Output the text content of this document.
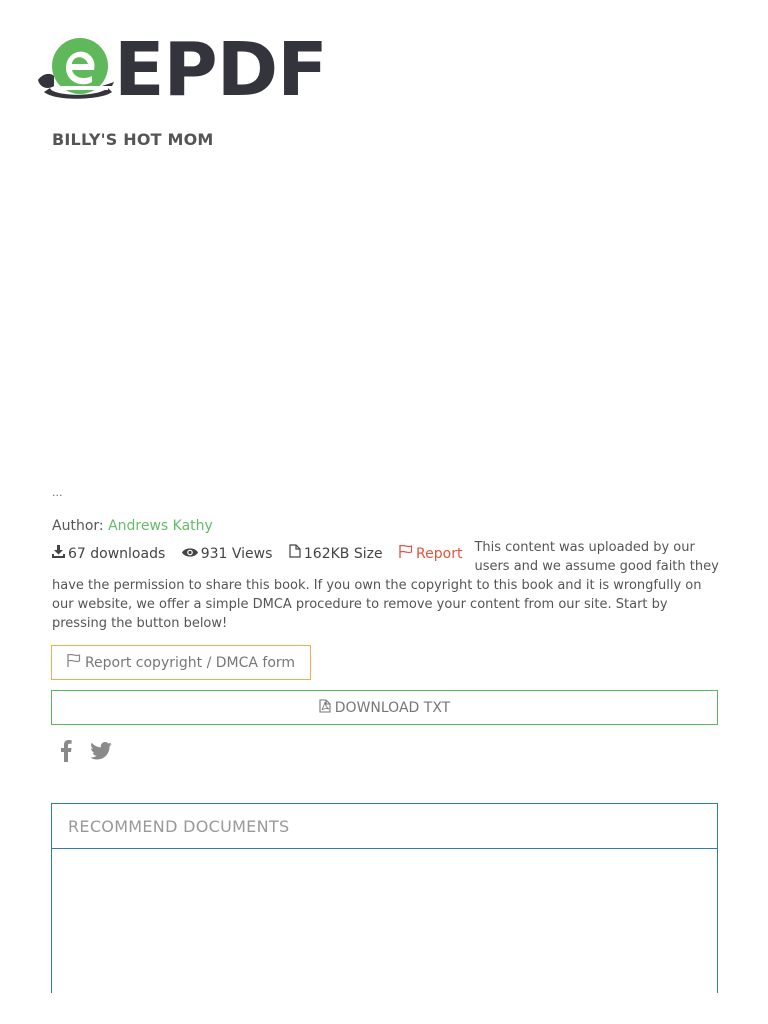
EPDF
BILLY'S HOT MOM
...
Author: Andrews Kathy
67 downloads
	931 Views
162KB Size
Report This content was uploaded by our users and we assume good faith they have the permission to share this book. If you own the copyright to this book and it is wrongfully on our website, we offer a simple DMCA procedure to remove your content from our site. Start by pressing the button below!
Report copyright / DMCA form
DOWNLOAD TXT
RECOMMEND DOCUMENTS
